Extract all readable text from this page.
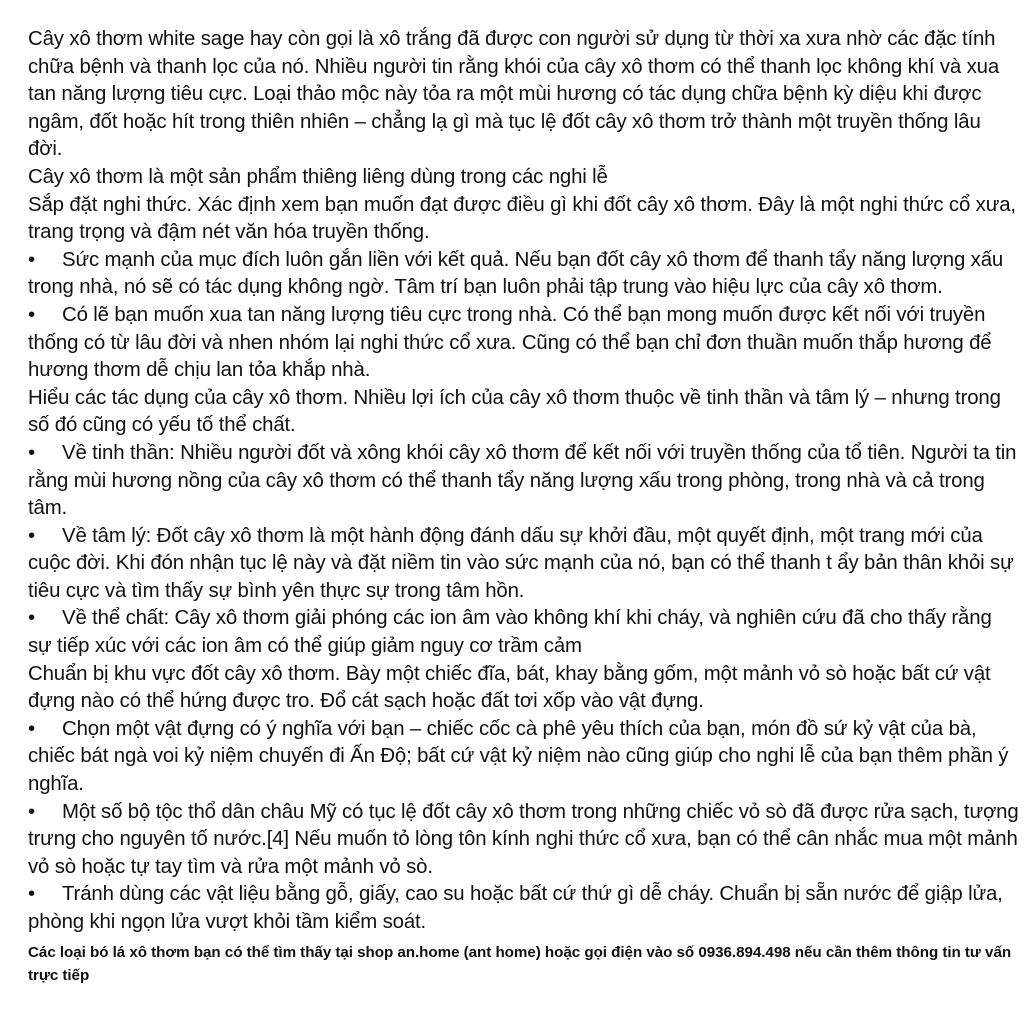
Cây xô thơm white sage hay còn gọi là xô trắng đã được con người sử dụng từ thời xa xưa nhờ các đặc tính chữa bệnh và thanh lọc của nó. Nhiều người tin rằng khói của cây xô thơm có thể thanh lọc không khí và xua tan năng lượng tiêu cực. Loại thảo mộc này tỏa ra một mùi hương có tác dụng chữa bệnh kỳ diệu khi được ngâm, đốt hoặc hít trong thiên nhiên – chẳng lạ gì mà tục lệ đốt cây xô thơm trở thành một truyền thống lâu đời.

Cây xô thơm là một sản phẩm thiêng liêng dùng trong các nghi lễ

Sắp đặt nghi thức. Xác định xem bạn muốn đạt được điều gì khi đốt cây xô thơm. Đây là một nghi thức cổ xưa, trang trọng và đậm nét văn hóa truyền thống.

• Sức mạnh của mục đích luôn gắn liền với kết quả. Nếu bạn đốt cây xô thơm để thanh tẩy năng lượng xấu trong nhà, nó sẽ có tác dụng không ngờ. Tâm trí bạn luôn phải tập trung vào hiệu lực của cây xô thơm.

• Có lẽ bạn muốn xua tan năng lượng tiêu cực trong nhà. Có thể bạn mong muốn được kết nối với truyền thống có từ lâu đời và nhen nhóm lại nghi thức cổ xưa. Cũng có thể bạn chỉ đơn thuần muốn thắp hương để hương thơm dễ chịu lan tỏa khắp nhà.

Hiểu các tác dụng của cây xô thơm. Nhiều lợi ích của cây xô thơm thuộc về tinh thần và tâm lý – nhưng trong số đó cũng có yếu tố thể chất.

• Về tinh thần: Nhiều người đốt và xông khói cây xô thơm để kết nối với truyền thống của tổ tiên. Người ta tin rằng mùi hương nồng của cây xô thơm có thể thanh tẩy năng lượng xấu trong phòng, trong nhà và cả trong tâm.

• Về tâm lý: Đốt cây xô thơm là một hành động đánh dấu sự khởi đầu, một quyết định, một trang mới của cuộc đời. Khi đón nhận tục lệ này và đặt niềm tin vào sức mạnh của nó, bạn có thể thanh t ẩy bản thân khỏi sự tiêu cực và tìm thấy sự bình yên thực sự trong tâm hồn.

• Về thể chất: Cây xô thơm giải phóng các ion âm vào không khí khi cháy, và nghiên cứu đã cho thấy rằng sự tiếp xúc với các ion âm có thể giúp giảm nguy cơ trầm cảm

Chuẩn bị khu vực đốt cây xô thơm. Bày một chiếc đĩa, bát, khay bằng gốm, một mảnh vỏ sò hoặc bất cứ vật đựng nào có thể hứng được tro. Đổ cát sạch hoặc đất tơi xốp vào vật đựng.

• Chọn một vật đựng có ý nghĩa với bạn – chiếc cốc cà phê yêu thích của bạn, món đồ sứ kỷ vật của bà, chiếc bát ngà voi kỷ niệm chuyến đi Ấn Độ; bất cứ vật kỷ niệm nào cũng giúp cho nghi lễ của bạn thêm phần ý nghĩa.

• Một số bộ tộc thổ dân châu Mỹ có tục lệ đốt cây xô thơm trong những chiếc vỏ sò đã được rửa sạch, tượng trưng cho nguyên tố nước.[4] Nếu muốn tỏ lòng tôn kính nghi thức cổ xưa, bạn có thể cân nhắc mua một mảnh vỏ sò hoặc tự tay tìm và rửa một mảnh vỏ sò.

• Tránh dùng các vật liệu bằng gỗ, giấy, cao su hoặc bất cứ thứ gì dễ cháy. Chuẩn bị sẵn nước để giập lửa, phòng khi ngọn lửa vượt khỏi tầm kiểm soát.

Các loại bó lá xô thơm bạn có thể tìm thấy tại shop an.home (ant home) hoặc gọi điện vào số 0936.894.498 nếu cần thêm thông tin tư vấn trực tiếp
